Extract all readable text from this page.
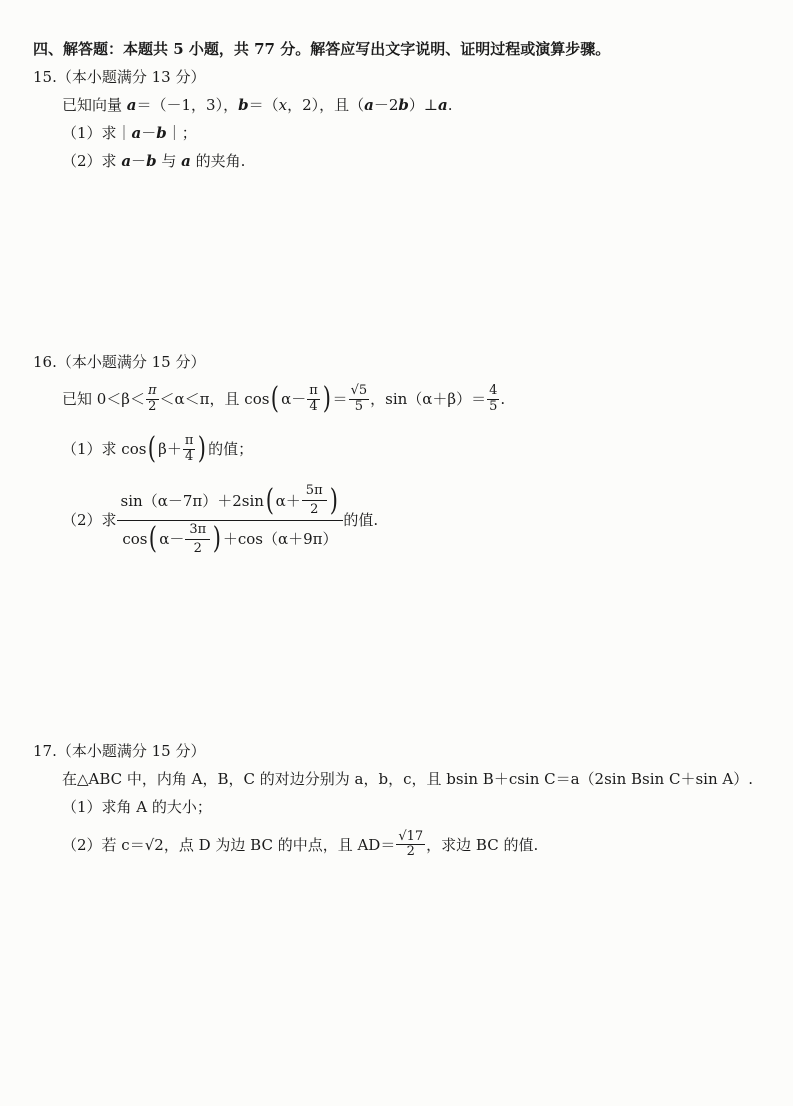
四、解答题：本题共 5 小题，共 77 分。解答应写出文字说明、证明过程或演算步骤。
15.（本小题满分 13 分）
已知向量 a＝（－1，3），b＝（x，2），且（a－2b）⊥a.
（1）求｜a－b｜；
（2）求 a－b 与 a 的夹角.
16.（本小题满分 15 分）
已知 $0<\beta< \frac{\pi}{2} <\alpha<\pi$，且 cos ( $\alpha- \frac{\pi}{4}$ ) ＝ $\frac{√5}{5}$ ，$\sin(\alpha+\beta)= \frac{4}{5}$ .
（1）求 cos ( $\beta+ \frac{\pi}{4}$ ) 的值；
（2）求 $\frac{\sin(\alpha-7\pi)+2\sin ( \alpha+ \frac{5\pi}{2} )}{\cos ( \alpha- \frac{3\pi}{2} ) +\cos(\alpha+9\pi)}$ 的值.
17.（本小题满分 15 分）
在△ABC 中，内角 A，B，C 的对边分别为 a，b，c，且 bsin B＋csin C＝a（2sin Bsin C＋sin A）.
（1）求角 A 的大小；
（2）若 c＝√2，点 D 为边 BC 的中点，且 $AD= \frac{√17}{2}$ ，求边 BC 的值.
